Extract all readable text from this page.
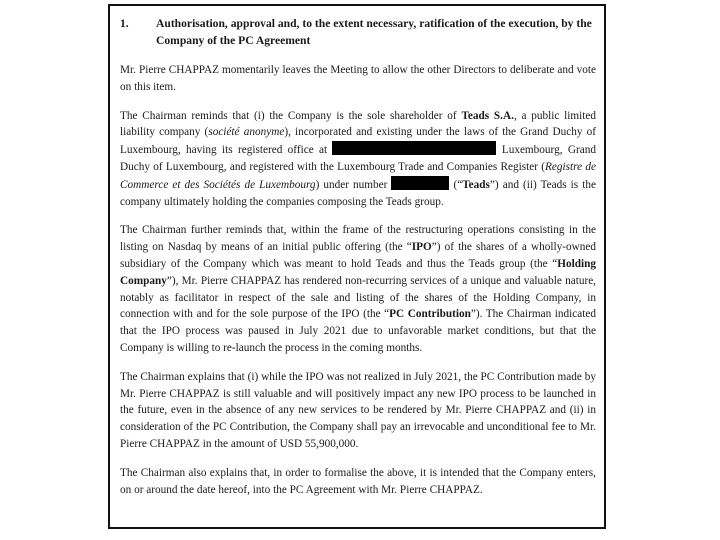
1.	Authorisation, approval and, to the extent necessary, ratification of the execution, by the Company of the PC Agreement

Mr. Pierre CHAPPAZ momentarily leaves the Meeting to allow the other Directors to deliberate and vote on this item.

The Chairman reminds that (i) the Company is the sole shareholder of Teads S.A., a public limited liability company (société anonyme), incorporated and existing under the laws of the Grand Duchy of Luxembourg, having its registered office at	Luxembourg, Grand Duchy of Luxembourg, and registered with the Luxembourg Trade and Companies Register (Registre de Commerce et des Sociétés de Luxembourg) under number	(“Teads”) and (ii) Teads is the company ultimately holding the companies composing the Teads group.

The Chairman further reminds that, within the frame of the restructuring operations consisting in the listing on Nasdaq by means of an initial public offering (the “IPO”) of the shares of a wholly-owned subsidiary of the Company which was meant to hold Teads and thus the Teads group (the “Holding Company”), Mr. Pierre CHAPPAZ has rendered non-recurring services of a unique and valuable nature, notably as facilitator in respect of the sale and listing of the shares of the Holding Company, in connection with and for the sole purpose of the IPO (the “PC Contribution”). The Chairman indicated that the IPO process was paused in July 2021 due to unfavorable market conditions, but that the Company is willing to re-launch the process in the coming months.

The Chairman explains that (i) while the IPO was not realized in July 2021, the PC Contribution made by Mr. Pierre CHAPPAZ is still valuable and will positively impact any new IPO process to be launched in the future, even in the absence of any new services to be rendered by Mr. Pierre CHAPPAZ and (ii) in consideration of the PC Contribution, the Company shall pay an irrevocable and unconditional fee to Mr. Pierre CHAPPAZ in the amount of USD 55,900,000.

The Chairman also explains that, in order to formalise the above, it is intended that the Company enters, on or around the date hereof, into the PC Agreement with Mr. Pierre CHAPPAZ.
